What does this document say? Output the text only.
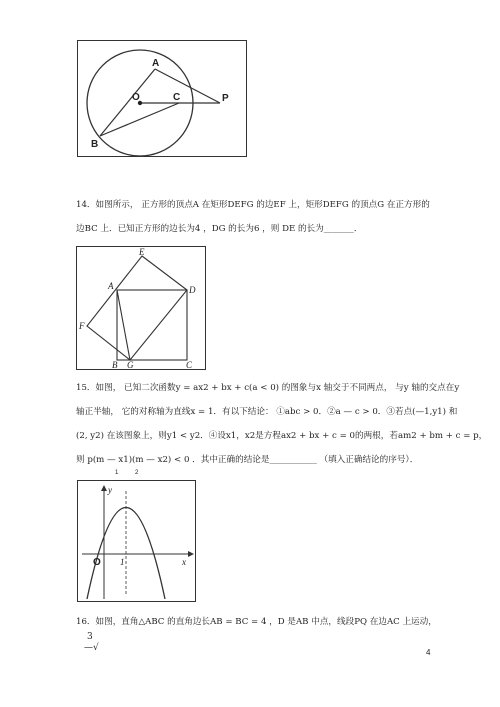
A
O	C	P
B
14．如图所示， 正方形的顶点A 在矩形DEFG 的边EF 上，矩形DEFG 的顶点G 在正方形的
边BC 上．已知正方形的边长为4 ，DG 的长为6 ，则 DE 的长为_______．
E
A	D
F
B G	C
15．如图， 已知二次函数y = ax2 + bx + c(a < 0) 的图象与x 轴交于不同两点， 与y 轴的交点在y
轴正半轴， 它的对称轴为直线x = 1．有以下结论： ①abc > 0．②a — c > 0．③若点(—1,y1) 和
(2, y2) 在该图象上，则y1 < y2．④设x1，x2是方程ax2 + bx + c = 0的两根，若am2 + bm + c = p，
则 p(m — x1)(m — x2) < 0 ．其中正确的结论是___________ （填入正确结论的序号）．
1          2
y
O 1	x
16．如图，直角△ABC 的直角边长AB = BC = 4 ，D 是AB 中点，线段PQ 在边AC 上运动，
3
—√	4
